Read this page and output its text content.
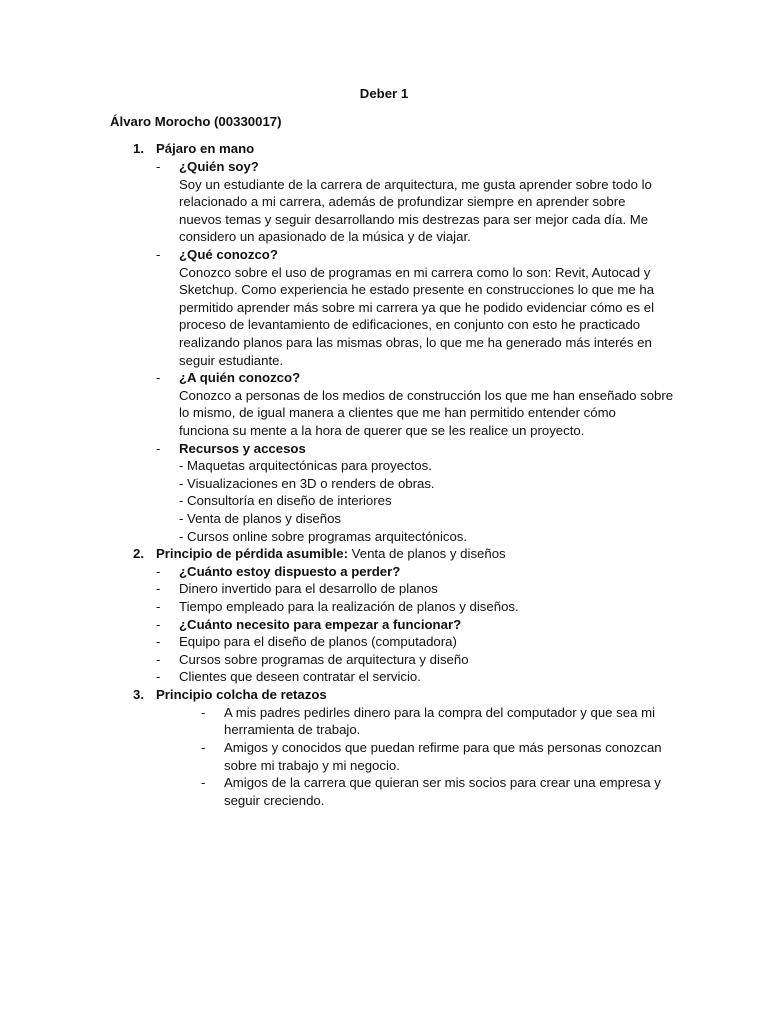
Deber 1
Álvaro Morocho (00330017)
1. Pájaro en mano
- ¿Quién soy?
Soy un estudiante de la carrera de arquitectura, me gusta aprender sobre todo lo
relacionado a mi carrera, además de profundizar siempre en aprender sobre
nuevos temas y seguir desarrollando mis destrezas para ser mejor cada día. Me
considero un apasionado de la música y de viajar.
- ¿Qué conozco?
Conozco sobre el uso de programas en mi carrera como lo son: Revit, Autocad y
Sketchup. Como experiencia he estado presente en construcciones lo que me ha
permitido aprender más sobre mi carrera ya que he podido evidenciar cómo es el
proceso de levantamiento de edificaciones, en conjunto con esto he practicado
realizando planos para las mismas obras, lo que me ha generado más interés en
seguir estudiante.
- ¿A quién conozco?
Conozco a personas de los medios de construcción los que me han enseñado sobre
lo mismo, de igual manera a clientes que me han permitido entender cómo
funciona su mente a la hora de querer que se les realice un proyecto.
- Recursos y accesos
- Maquetas arquitectónicas para proyectos.
- Visualizaciones en 3D o renders de obras.
- Consultoría en diseño de interiores
- Venta de planos y diseños
- Cursos online sobre programas arquitectónicos.
2. Principio de pérdida asumible: Venta de planos y diseños
- ¿Cuánto estoy dispuesto a perder?
- Dinero invertido para el desarrollo de planos
- Tiempo empleado para la realización de planos y diseños.
- ¿Cuánto necesito para empezar a funcionar?
- Equipo para el diseño de planos (computadora)
- Cursos sobre programas de arquitectura y diseño
- Clientes que deseen contratar el servicio.
3. Principio colcha de retazos
- A mis padres pedirles dinero para la compra del computador y que sea mi
herramienta de trabajo.
- Amigos y conocidos que puedan refirme para que más personas conozcan
sobre mi trabajo y mi negocio.
- Amigos de la carrera que quieran ser mis socios para crear una empresa y
seguir creciendo.
